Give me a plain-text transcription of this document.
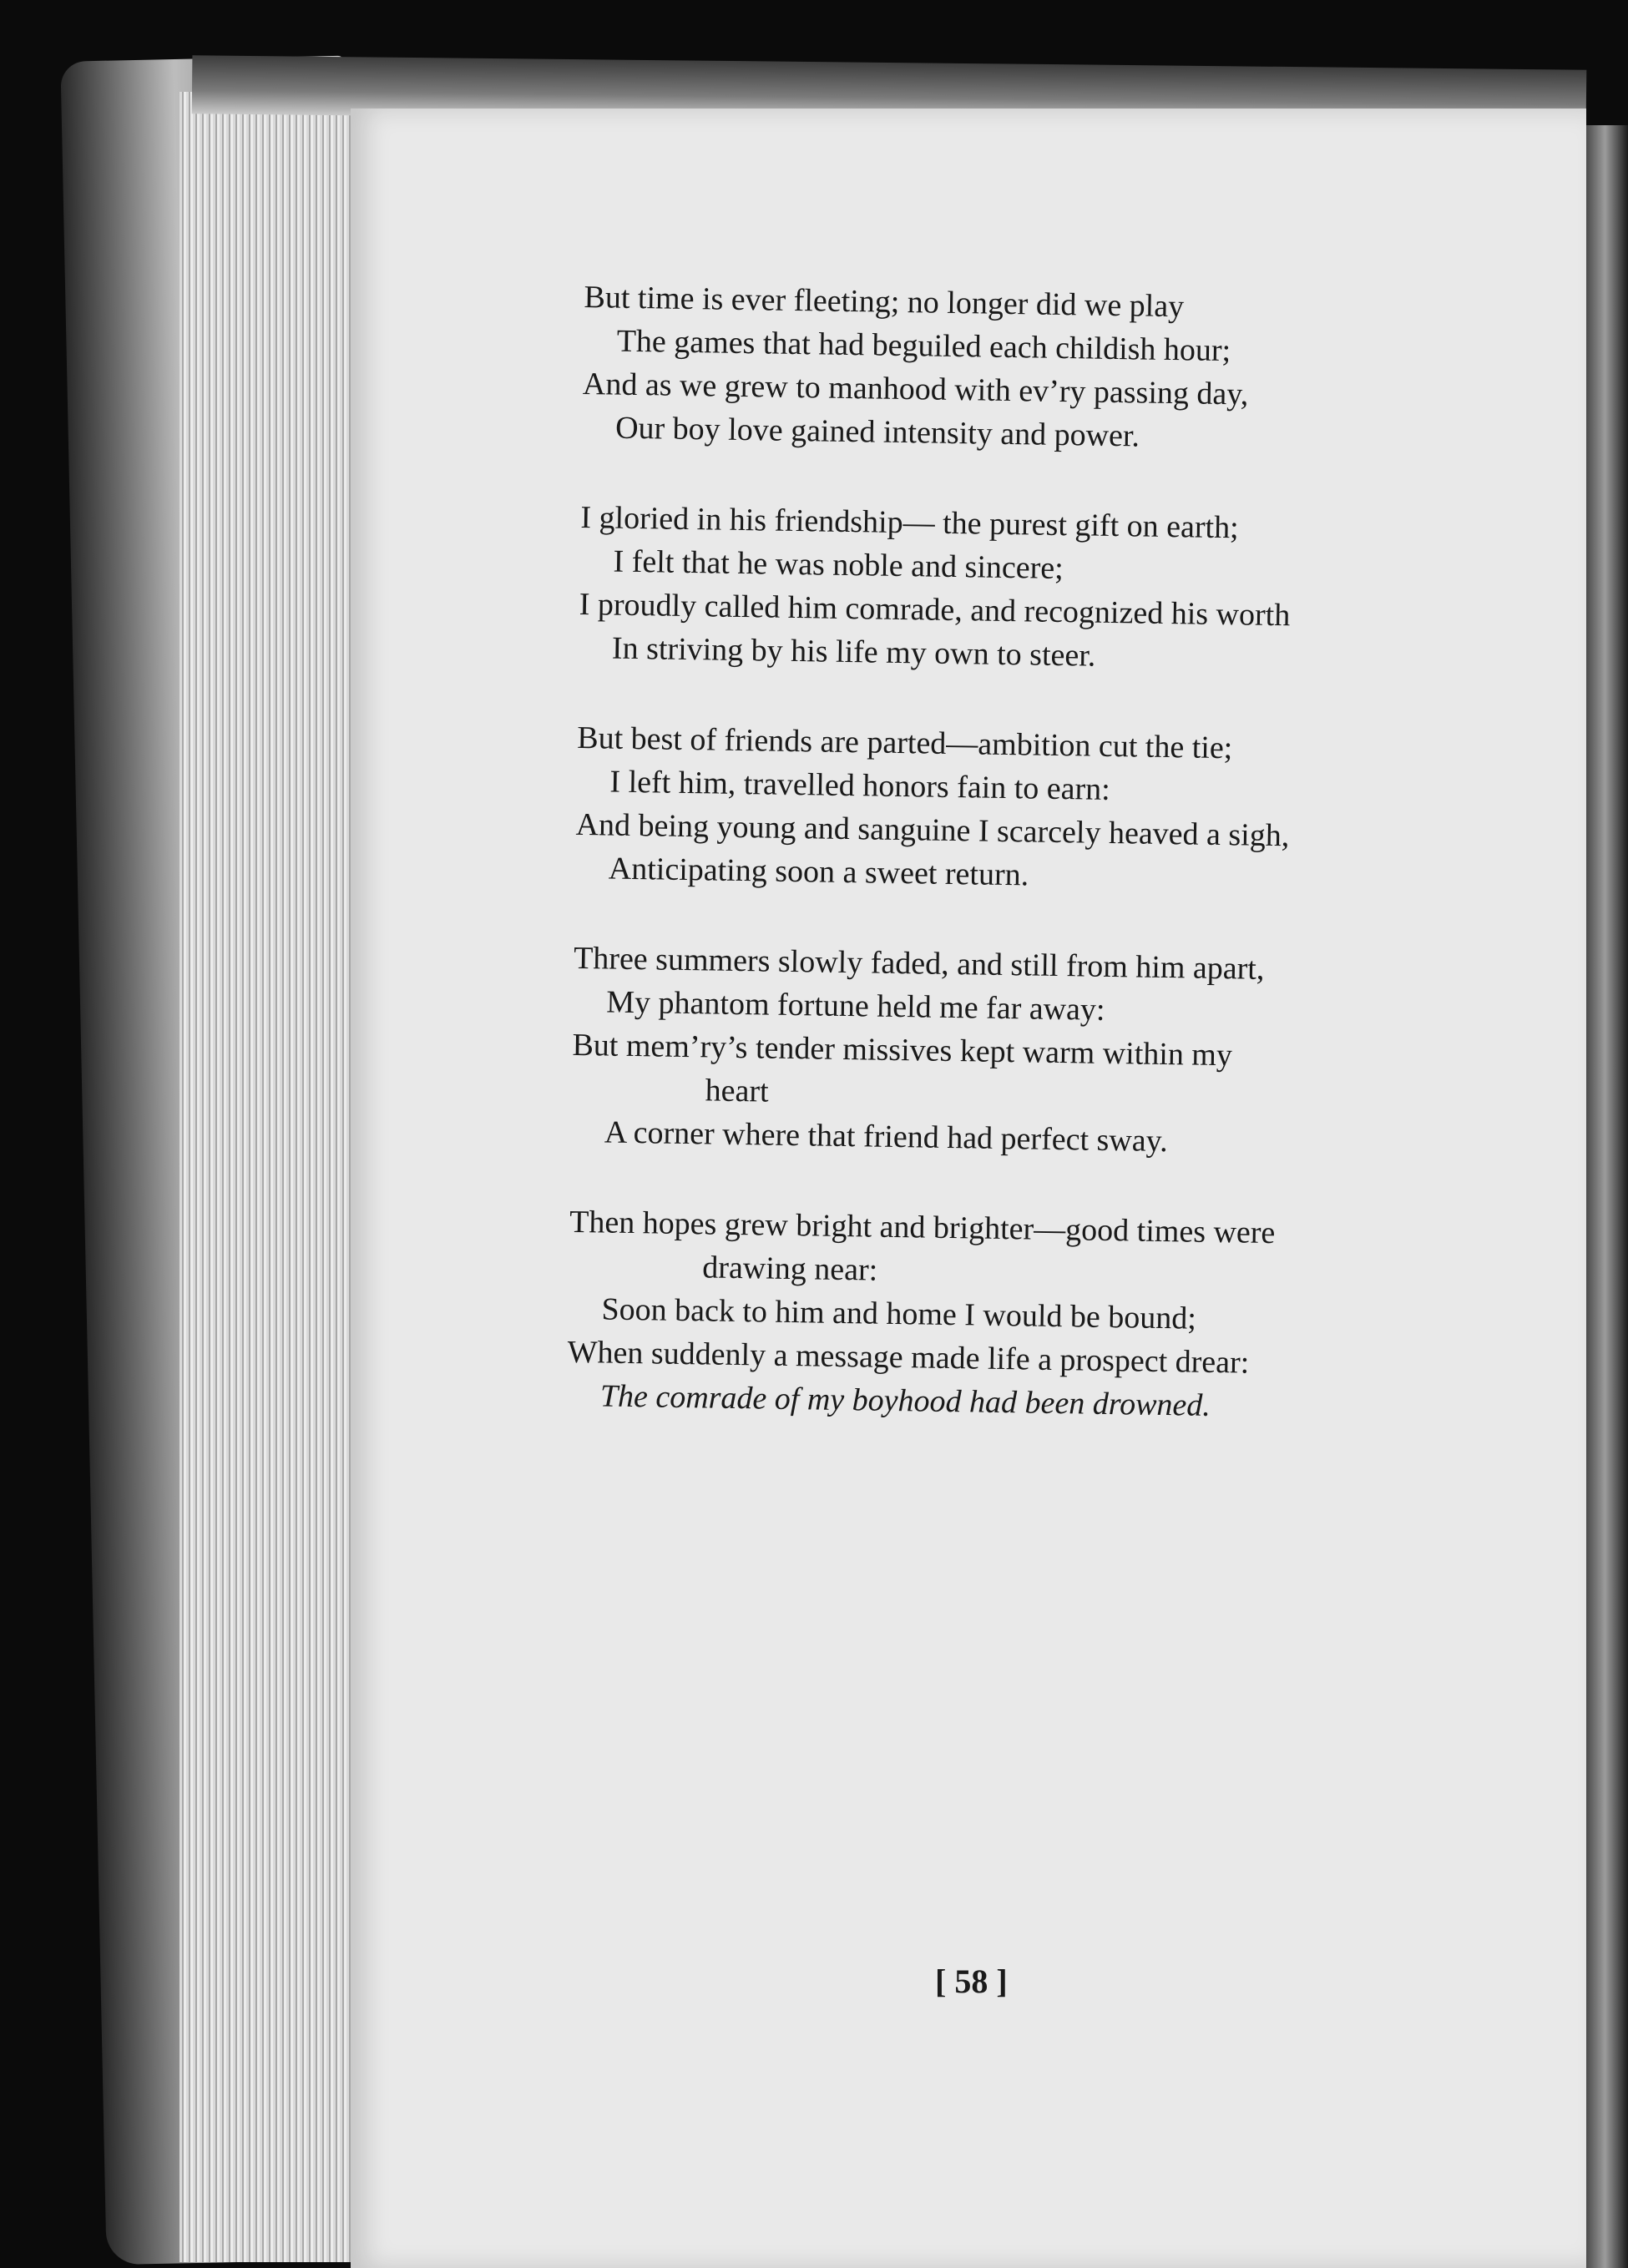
But time is ever fleeting; no longer did we play
The games that had beguiled each childish hour;
And as we grew to manhood with ev’ry passing day,
Our boy love gained intensity and power.
I gloried in his friendship— the purest gift on earth;
I felt that he was noble and sincere;
I proudly called him comrade, and recognized his worth
In striving by his life my own to steer.
But best of friends are parted—ambition cut the tie;
I left him, travelled honors fain to earn:
And being young and sanguine I scarcely heaved a sigh,
Anticipating soon a sweet return.
Three summers slowly faded, and still from him apart,
My phantom fortune held me far away:
But mem’ry’s tender missives kept warm within my
heart
A corner where that friend had perfect sway.
Then hopes grew bright and brighter—good times were
drawing near:
Soon back to him and home I would be bound;
When suddenly a message made life a prospect drear:
The comrade of my boyhood had been drowned.
[ 58 ]
